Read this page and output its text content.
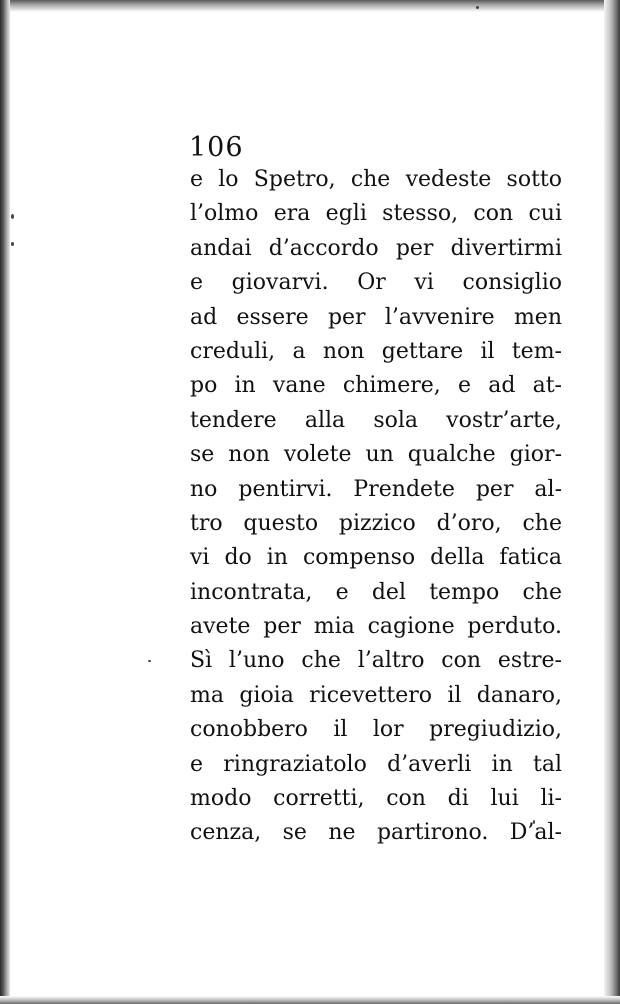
106
e lo Spetro, che vedeste sotto
l’olmo era egli stesso, con cui
andai d’accordo per divertirmi
e giovarvi. Or vi consiglio
ad essere per l’avvenire men
creduli, a non gettare il tem-
po in vane chimere, e ad at-
tendere alla sola vostr’arte,
se non volete un qualche gior-
no pentirvi. Prendete per al-
tro questo pizzico d’oro, che
vi do in compenso della fatica
incontrata, e del tempo che
avete per mia cagione perduto.
Sì l’uno che l’altro con estre-
ma gioia ricevettero il danaro,
conobbero il lor pregiudizio,
e ringraziatolo d’averli in tal
modo corretti, con di lui li-
cenza, se ne partirono. D’al-
